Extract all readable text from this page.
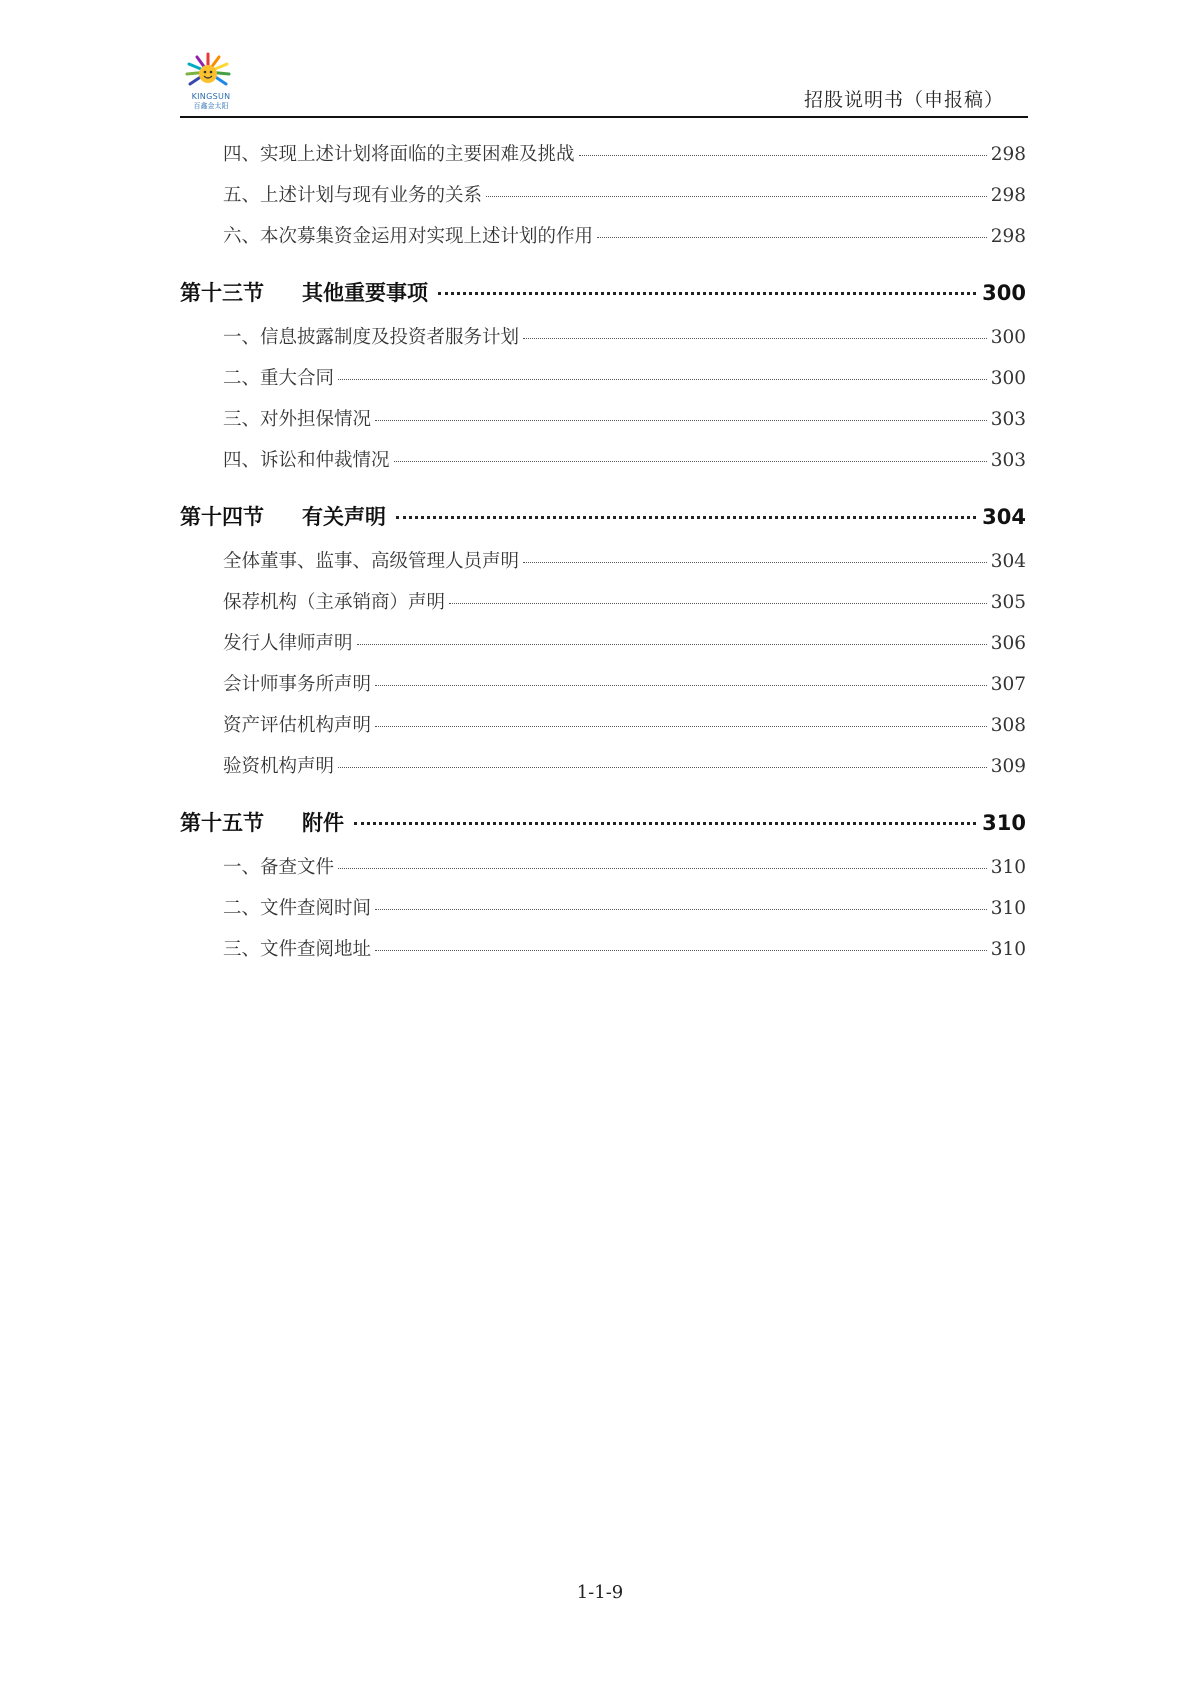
KINGSUN
百鑫金太阳	招股说明书（申报稿）
四、实现上述计划将面临的主要困难及挑战	298
五、上述计划与现有业务的关系	298
六、本次募集资金运用对实现上述计划的作用	298
第十三节	其他重要事项	300
一、信息披露制度及投资者服务计划	300
二、重大合同	300
三、对外担保情况	303
四、诉讼和仲裁情况	303
第十四节	有关声明	304
全体董事、监事、高级管理人员声明	304
保荐机构（主承销商）声明	305
发行人律师声明	306
会计师事务所声明	307
资产评估机构声明	308
验资机构声明	309
第十五节	附件	310
一、备查文件	310
二、文件查阅时间	310
三、文件查阅地址	310
1-1-9
